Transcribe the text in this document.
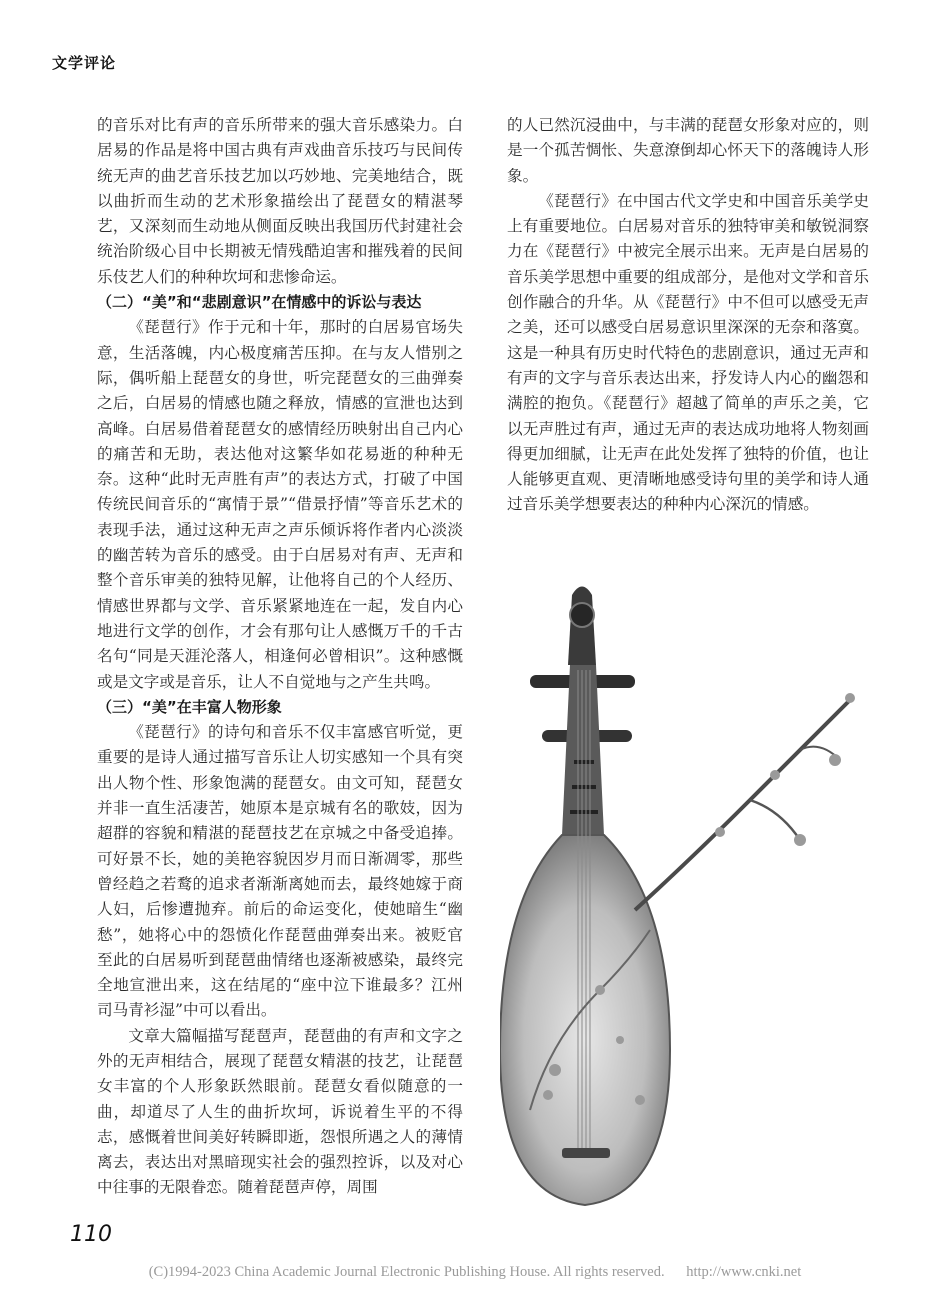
文学评论

的音乐对比有声的音乐所带来的强大音乐感染力。白居易的作品是将中国古典有声戏曲音乐技巧与民间传统无声的曲艺音乐技艺加以巧妙地、完美地结合，既以曲折而生动的艺术形象描绘出了琵琶女的精湛琴艺，又深刻而生动地从侧面反映出我国历代封建社会统治阶级心目中长期被无情残酷迫害和摧残着的民间乐伎艺人们的种种坎坷和悲惨命运。

（二）“美”和“悲剧意识”在情感中的诉讼与表达

《琵琶行》作于元和十年，那时的白居易官场失意，生活落魄，内心极度痛苦压抑。在与友人惜别之际，偶听船上琵琶女的身世，听完琵琶女的三曲弹奏之后，白居易的情感也随之释放，情感的宣泄也达到高峰。白居易借着琵琶女的感情经历映射出自己内心的痛苦和无助，表达他对这繁华如花易逝的种种无奈。这种“此时无声胜有声”的表达方式，打破了中国传统民间音乐的“寓情于景”“借景抒情”等音乐艺术的表现手法，通过这种无声之声乐倾诉将作者内心淡淡的幽苦转为音乐的感受。由于白居易对有声、无声和整个音乐审美的独特见解，让他将自己的个人经历、情感世界都与文学、音乐紧紧地连在一起，发自内心地进行文学的创作，才会有那句让人感慨万千的千古名句“同是天涯沦落人，相逢何必曾相识”。这种感慨或是文字或是音乐，让人不自觉地与之产生共鸣。

（三）“美”在丰富人物形象

《琵琶行》的诗句和音乐不仅丰富感官听觉，更重要的是诗人通过描写音乐让人切实感知一个具有突出人物个性、形象饱满的琵琶女。由文可知，琵琶女并非一直生活凄苦，她原本是京城有名的歌妓，因为超群的容貌和精湛的琵琶技艺在京城之中备受追捧。可好景不长，她的美艳容貌因岁月而日渐凋零，那些曾经趋之若鹜的追求者渐渐离她而去，最终她嫁于商人妇，后惨遭抛弃。前后的命运变化，使她暗生“幽愁”，她将心中的怨愤化作琵琶曲弹奏出来。被贬官至此的白居易听到琵琶曲情绪也逐渐被感染，最终完全地宣泄出来，这在结尾的“座中泣下谁最多？江州司马青衫湿”中可以看出。

文章大篇幅描写琵琶声，琵琶曲的有声和文字之外的无声相结合，展现了琵琶女精湛的技艺，让琵琶女丰富的个人形象跃然眼前。琵琶女看似随意的一曲，却道尽了人生的曲折坎坷，诉说着生平的不得志，感慨着世间美好转瞬即逝，怨恨所遇之人的薄情离去，表达出对黑暗现实社会的强烈控诉，以及对心中往事的无限眷恋。随着琵琶声停，周围

的人已然沉浸曲中，与丰满的琵琶女形象对应的，则是一个孤苦惆怅、失意潦倒却心怀天下的落魄诗人形象。

《琵琶行》在中国古代文学史和中国音乐美学史上有重要地位。白居易对音乐的独特审美和敏锐洞察力在《琵琶行》中被完全展示出来。无声是白居易的音乐美学思想中重要的组成部分，是他对文学和音乐创作融合的升华。从《琵琶行》中不但可以感受无声之美，还可以感受白居易意识里深深的无奈和落寞。这是一种具有历史时代特色的悲剧意识，通过无声和有声的文字与音乐表达出来，抒发诗人内心的幽怨和满腔的抱负。《琵琶行》超越了简单的声乐之美，它以无声胜过有声，通过无声的表达成功地将人物刻画得更加细腻，让无声在此处发挥了独特的价值，也让人能够更直观、更清晰地感受诗句里的美学和诗人通过音乐美学想要表达的种种内心深沉的情感。

110
(C)1994-2023 China Academic Journal Electronic Publishing House. All rights reserved. http://www.cnki.net
